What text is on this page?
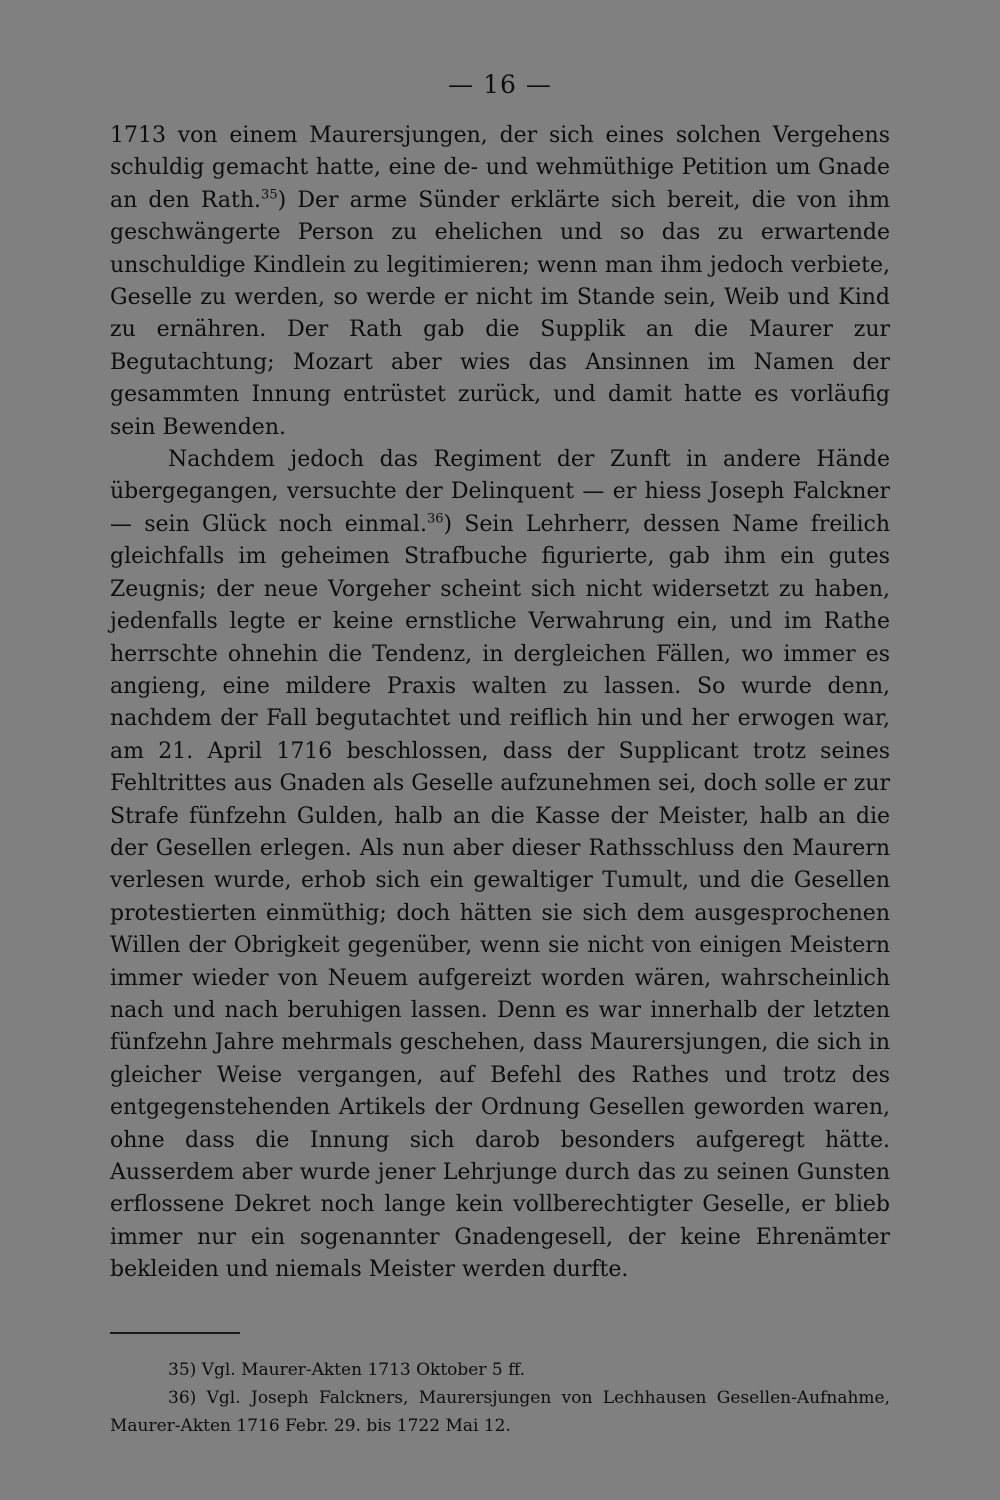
— 16 —

1713 von einem Maurersjungen, der sich eines solchen Vergehens schuldig gemacht hatte, eine de- und wehmüthige Petition um Gnade an den Rath.$^{35}$) Der arme Sünder erklärte sich bereit, die von ihm geschwängerte Person zu ehelichen und so das zu erwartende unschuldige Kindlein zu legitimieren; wenn man ihm jedoch verbiete, Geselle zu werden, so werde er nicht im Stande sein, Weib und Kind zu ernähren. Der Rath gab die Supplik an die Maurer zur Begutachtung; Mozart aber wies das Ansinnen im Namen der gesammten Innung entrüstet zurück, und damit hatte es vorläufig sein Bewenden.

Nachdem jedoch das Regiment der Zunft in andere Hände übergegangen, versuchte der Delinquent — er hiess Joseph Falckner — sein Glück noch einmal.$^{36}$) Sein Lehrherr, dessen Name freilich gleichfalls im geheimen Strafbuche figurierte, gab ihm ein gutes Zeugnis; der neue Vorgeher scheint sich nicht widersetzt zu haben, jedenfalls legte er keine ernstliche Verwahrung ein, und im Rathe herrschte ohnehin die Tendenz, in dergleichen Fällen, wo immer es angieng, eine mildere Praxis walten zu lassen. So wurde denn, nachdem der Fall begutachtet und reiflich hin und her erwogen war, am 21. April 1716 beschlossen, dass der Supplicant trotz seines Fehltrittes aus Gnaden als Geselle aufzunehmen sei, doch solle er zur Strafe fünfzehn Gulden, halb an die Kasse der Meister, halb an die der Gesellen erlegen. Als nun aber dieser Rathsschluss den Maurern verlesen wurde, erhob sich ein gewaltiger Tumult, und die Gesellen protestierten einmüthig; doch hätten sie sich dem ausgesprochenen Willen der Obrigkeit gegenüber, wenn sie nicht von einigen Meistern immer wieder von Neuem aufgereizt worden wären, wahrscheinlich nach und nach beruhigen lassen. Denn es war innerhalb der letzten fünfzehn Jahre mehrmals geschehen, dass Maurersjungen, die sich in gleicher Weise vergangen, auf Befehl des Rathes und trotz des entgegenstehenden Artikels der Ordnung Gesellen geworden waren, ohne dass die Innung sich darob besonders aufgeregt hätte. Ausserdem aber wurde jener Lehrjunge durch das zu seinen Gunsten erflossene Dekret noch lange kein vollberechtigter Geselle, er blieb immer nur ein sogenannter Gnadengesell, der keine Ehrenämter bekleiden und niemals Meister werden durfte.

35) Vgl. Maurer-Akten 1713 Oktober 5 ff.

36) Vgl. Joseph Falckners, Maurersjungen von Lechhausen Gesellen-Aufnahme, Maurer-Akten 1716 Febr. 29. bis 1722 Mai 12.
